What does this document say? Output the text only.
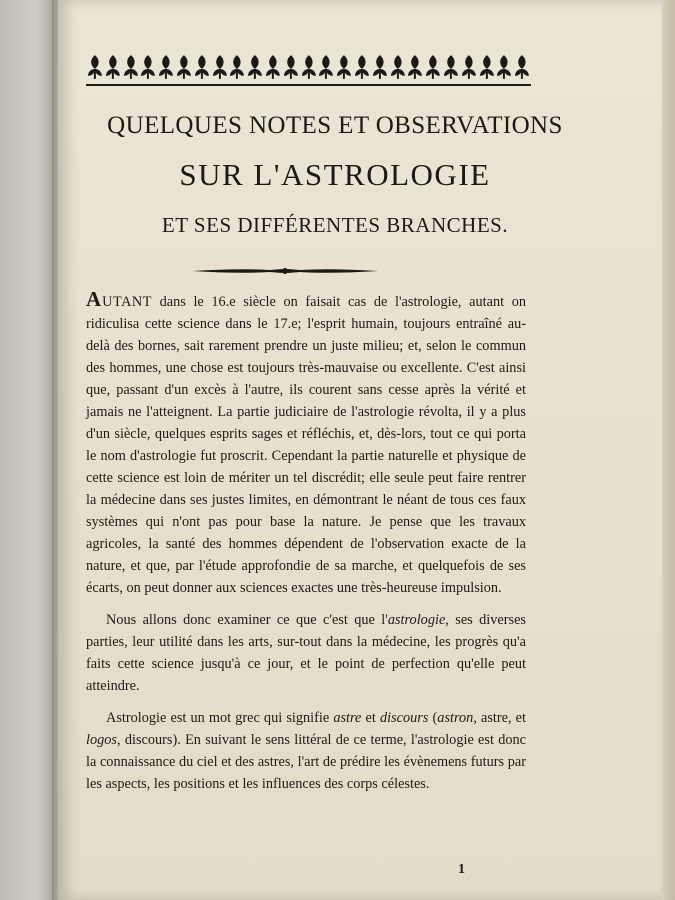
QUELQUES NOTES ET OBSERVATIONS
SUR L'ASTROLOGIE
ET SES DIFFÉRENTES BRANCHES.

AUTANT dans le 16.e siècle on faisait cas de l'astrologie, autant on ridiculisa cette science dans le 17.e; l'esprit humain, toujours entraîné au-delà des bornes, sait rarement prendre un juste milieu; et, selon le commun des hommes, une chose est toujours très-mauvaise ou excellente. C'est ainsi que, passant d'un excès à l'autre, ils courent sans cesse après la vérité et jamais ne l'atteignent. La partie judiciaire de l'astrologie révolta, il y a plus d'un siècle, quelques esprits sages et réfléchis, et, dès-lors, tout ce qui porta le nom d'astrologie fut proscrit. Cependant la partie naturelle et physique de cette science est loin de mériter un tel discrédit; elle seule peut faire rentrer la médecine dans ses justes limites, en démontrant le néant de tous ces faux systèmes qui n'ont pas pour base la nature. Je pense que les travaux agricoles, la santé des hommes dépendent de l'observation exacte de la nature, et que, par l'étude approfondie de sa marche, et quelquefois de ses écarts, on peut donner aux sciences exactes une très-heureuse impulsion.

Nous allons donc examiner ce que c'est que l'astrologie, ses diverses parties, leur utilité dans les arts, sur-tout dans la médecine, les progrès qu'a faits cette science jusqu'à ce jour, et le point de perfection qu'elle peut atteindre.

Astrologie est un mot grec qui signifie astre et discours (astron, astre, et logos, discours). En suivant le sens littéral de ce terme, l'astrologie est donc la connaissance du ciel et des astres, l'art de prédire les évènemens futurs par les aspects, les positions et les influences des corps célestes.

1
